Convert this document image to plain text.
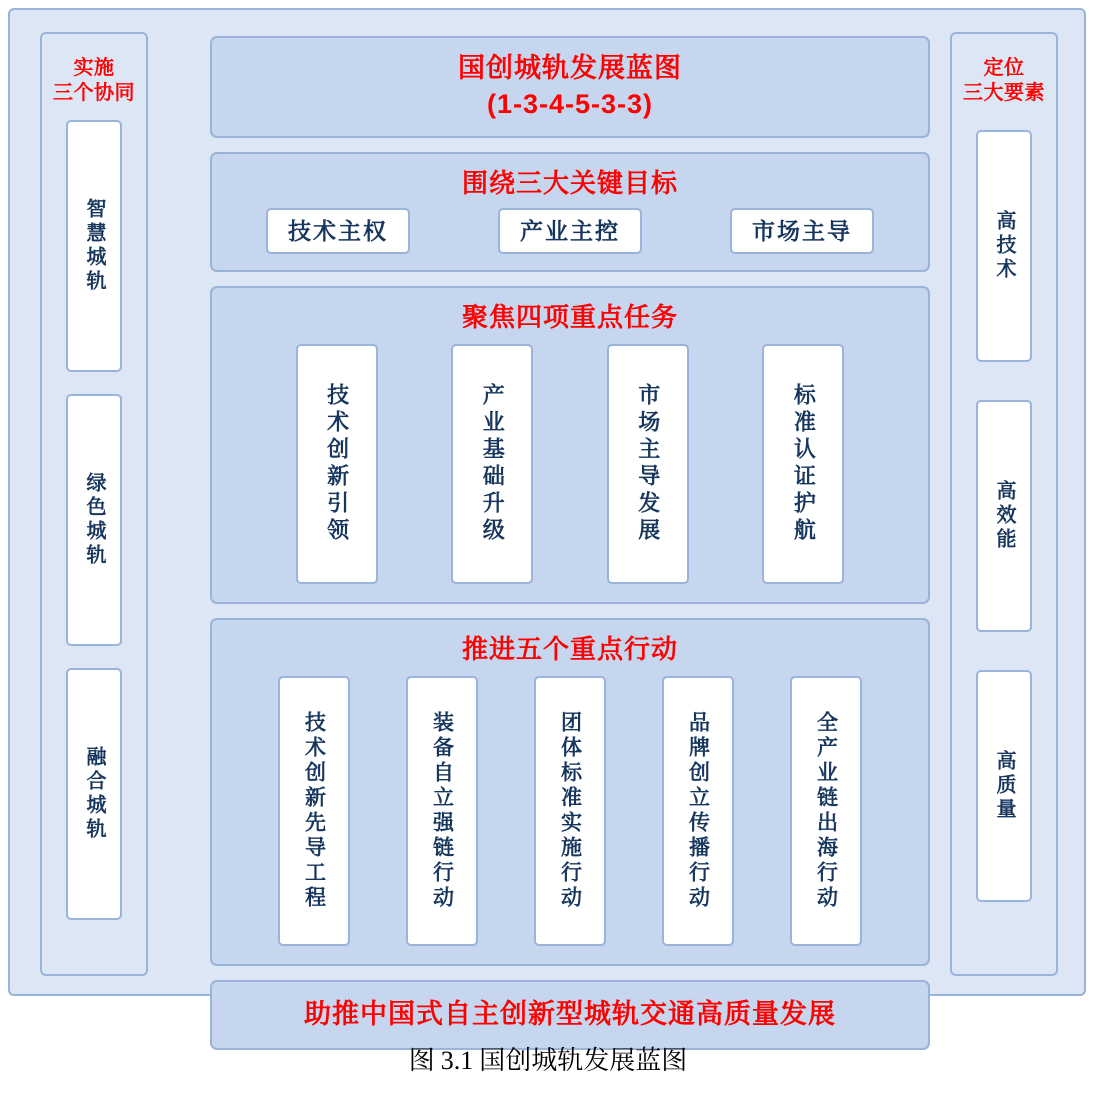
实施
三个协同
智慧城轨
绿色城轨
融合城轨
国创城轨发展蓝图
(1-3-4-5-3-3)
围绕三大关键目标
技术主权	产业主控	市场主导
聚焦四项重点任务
技术创新引领	产业基础升级	市场主导发展	标准认证护航
推进五个重点行动
技术创新先导工程	装备自立强链行动	团体标准实施行动	品牌创立传播行动	全产业链出海行动
助推中国式自主创新型城轨交通高质量发展
定位
三大要素
高技术
高效能
高质量
图 3.1 国创城轨发展蓝图
